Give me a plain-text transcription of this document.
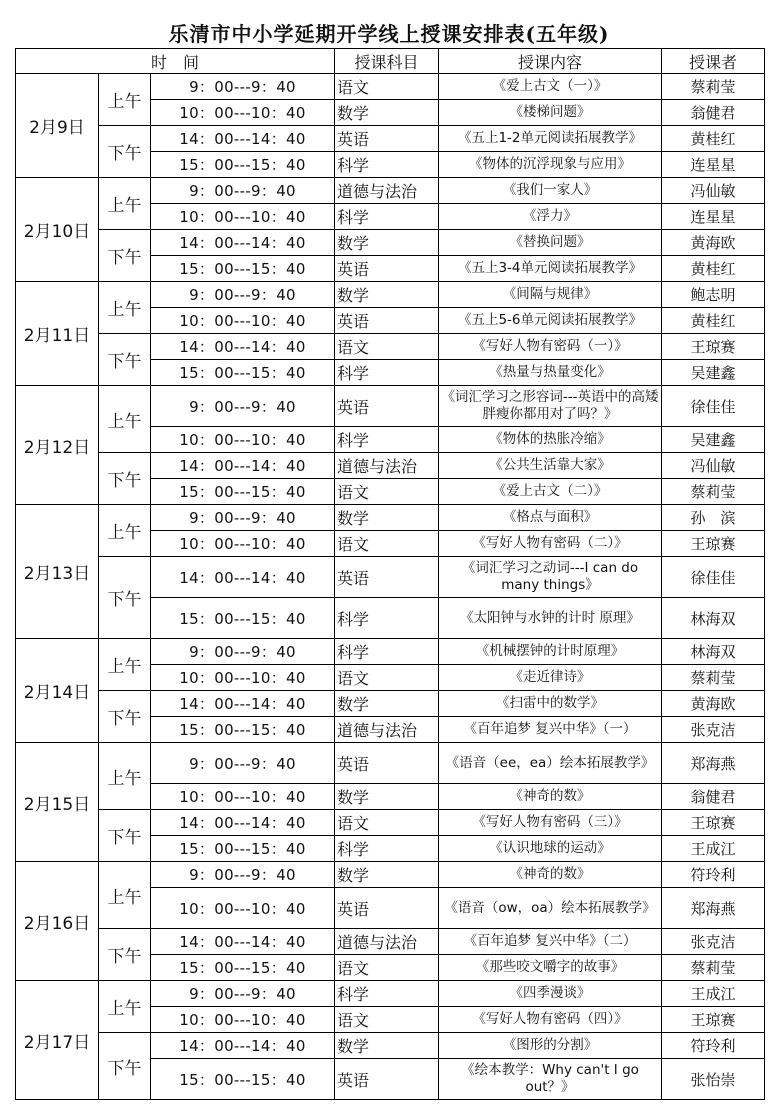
乐清市中小学延期开学线上授课安排表(五年级)
时　间			授课科目	授课内容	授课者
2月9日	上午	9：00---9：40	语文	《爱上古文（一）》	蔡莉莹
		10：00---10：40	数学	《楼梯问题》	翁健君
	下午	14：00---14：40	英语	《五上1-2单元阅读拓展教学》	黄桂红
		15：00---15：40	科学	《物体的沉浮现象与应用》	连星星
2月10日	上午	9：00---9：40	道德与法治	《我们一家人》	冯仙敏
		10：00---10：40	科学	《浮力》	连星星
	下午	14：00---14：40	数学	《替换问题》	黄海欧
		15：00---15：40	英语	《五上3-4单元阅读拓展教学》	黄桂红
2月11日	上午	9：00---9：40	数学	《间隔与规律》	鲍志明
		10：00---10：40	英语	《五上5-6单元阅读拓展教学》	黄桂红
	下午	14：00---14：40	语文	《写好人物有密码（一）》	王琼赛
		15：00---15：40	科学	《热量与热量变化》	吴建鑫
2月12日	上午	9：00---9：40	英语	《词汇学习之形容词---英语中的高矮胖瘦你都用对了吗？》	徐佳佳
		10：00---10：40	科学	《物体的热胀冷缩》	吴建鑫
	下午	14：00---14：40	道德与法治	《公共生活靠大家》	冯仙敏
		15：00---15：40	语文	《爱上古文（二）》	蔡莉莹
2月13日	上午	9：00---9：40	数学	《格点与面积》	孙　滨
		10：00---10：40	语文	《写好人物有密码（二）》	王琼赛
	下午	14：00---14：40	英语	《词汇学习之动词---I can do many things》	徐佳佳
		15：00---15：40	科学	《太阳钟与水钟的计时 原理》	林海双
2月14日	上午	9：00---9：40	科学	《机械摆钟的计时原理》	林海双
		10：00---10：40	语文	《走近律诗》	蔡莉莹
	下午	14：00---14：40	数学	《扫雷中的数学》	黄海欧
		15：00---15：40	道德与法治	《百年追梦 复兴中华》（一）	张克洁
2月15日	上午	9：00---9：40	英语	《语音（ee，ea）绘本拓展教学》	郑海燕
		10：00---10：40	数学	《神奇的数》	翁健君
	下午	14：00---14：40	语文	《写好人物有密码（三）》	王琼赛
		15：00---15：40	科学	《认识地球的运动》	王成江
2月16日	上午	9：00---9：40	数学	《神奇的数》	符玲利
		10：00---10：40	英语	《语音（ow，oa）绘本拓展教学》	郑海燕
	下午	14：00---14：40	道德与法治	《百年追梦 复兴中华》（二）	张克洁
		15：00---15：40	语文	《那些咬文嚼字的故事》	蔡莉莹
2月17日	上午	9：00---9：40	科学	《四季漫谈》	王成江
		10：00---10：40	语文	《写好人物有密码（四）》	王琼赛
	下午	14：00---14：40	数学	《图形的分割》	符玲利
		15：00---15：40	英语	《绘本教学：Why can't I go out？》	张怡崇
